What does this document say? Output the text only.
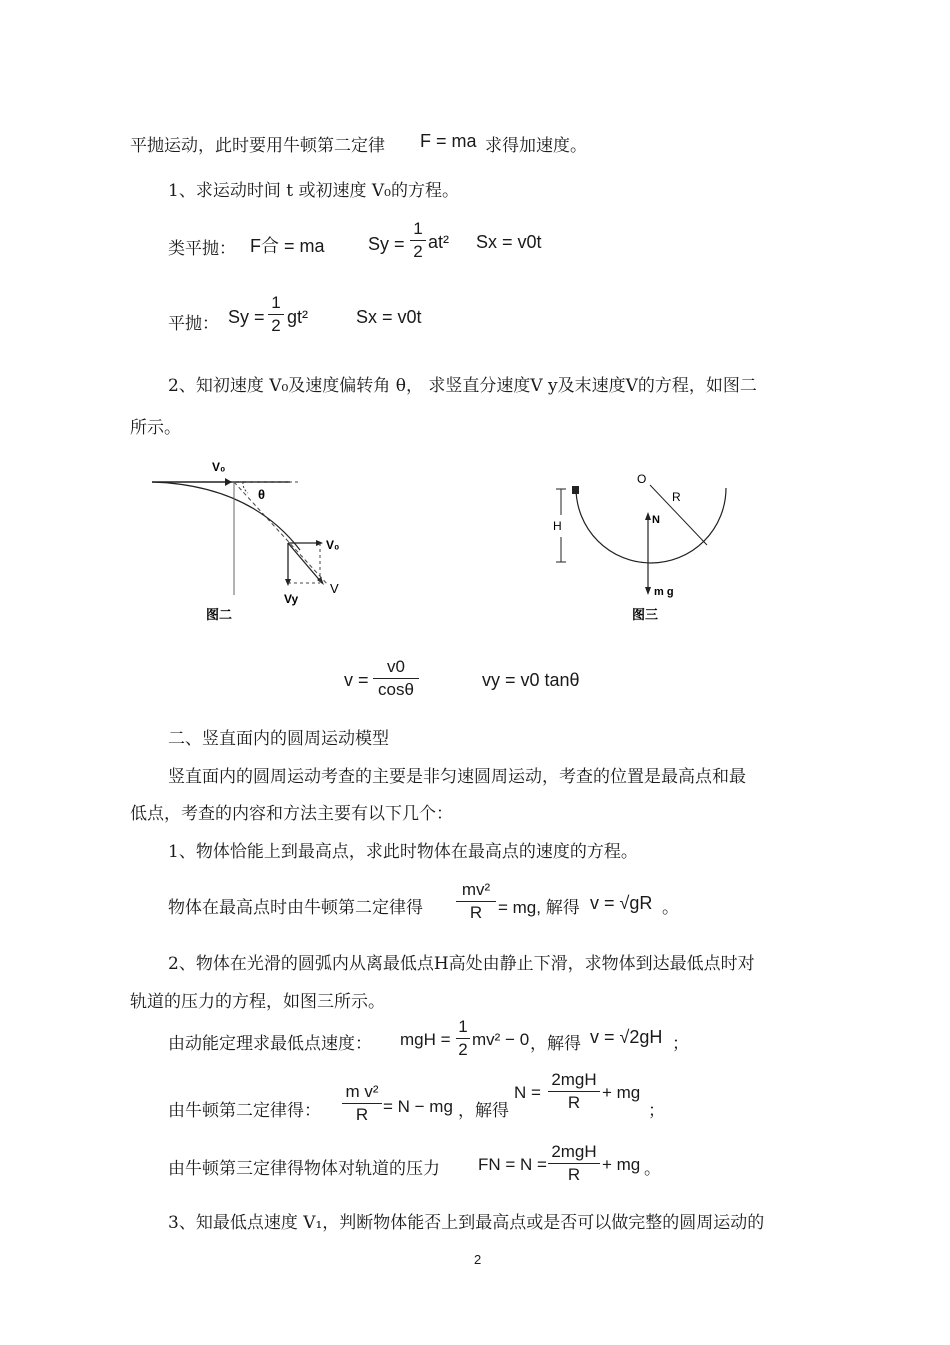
平抛运动，此时要用牛顿第二定律 F = ma 求得加速度。
1、求运动时间 t 或初速度 V₀的方程。
类平抛： F合 = ma Sy =
1
2 at² Sx = v0t
平抛： Sy =
1
2 gt²	Sx = v0t
2、知初速度 V₀及速度偏转角 θ， 求竖直分速度V y及末速度V的方程，如图二
所示。
V₀
θ
V₀
Vy
V
图二
O
R
H	N
m g
图三
v =
v0
cosθ	vy = v0 tanθ
二、竖直面内的圆周运动模型
竖直面内的圆周运动考查的主要是非匀速圆周运动，考查的位置是最高点和最
低点，考查的内容和方法主要有以下几个：
1、物体恰能上到最高点，求此时物体在最高点的速度的方程。
物体在最高点时由牛顿第二定律得
mv²
R = mg, 解得 v = √gR 。
2、物体在光滑的圆弧内从离最低点H高处由静止下滑，求物体到达最低点时对
轨道的压力的方程，如图三所示。
由动能定理求最低点速度： mgH =
1
2
mv² − 0 ，解得 v = √2gH ；
由牛顿第二定律得：
m v²
R = N − mg ，解得
N =
2mgH
R
+ mg
；
由牛顿第三定律得物体对轨道的压力 FN = N =
2mgH
R
+ mg 。
3、知最低点速度 V₁，判断物体能否上到最高点或是否可以做完整的圆周运动的
2
